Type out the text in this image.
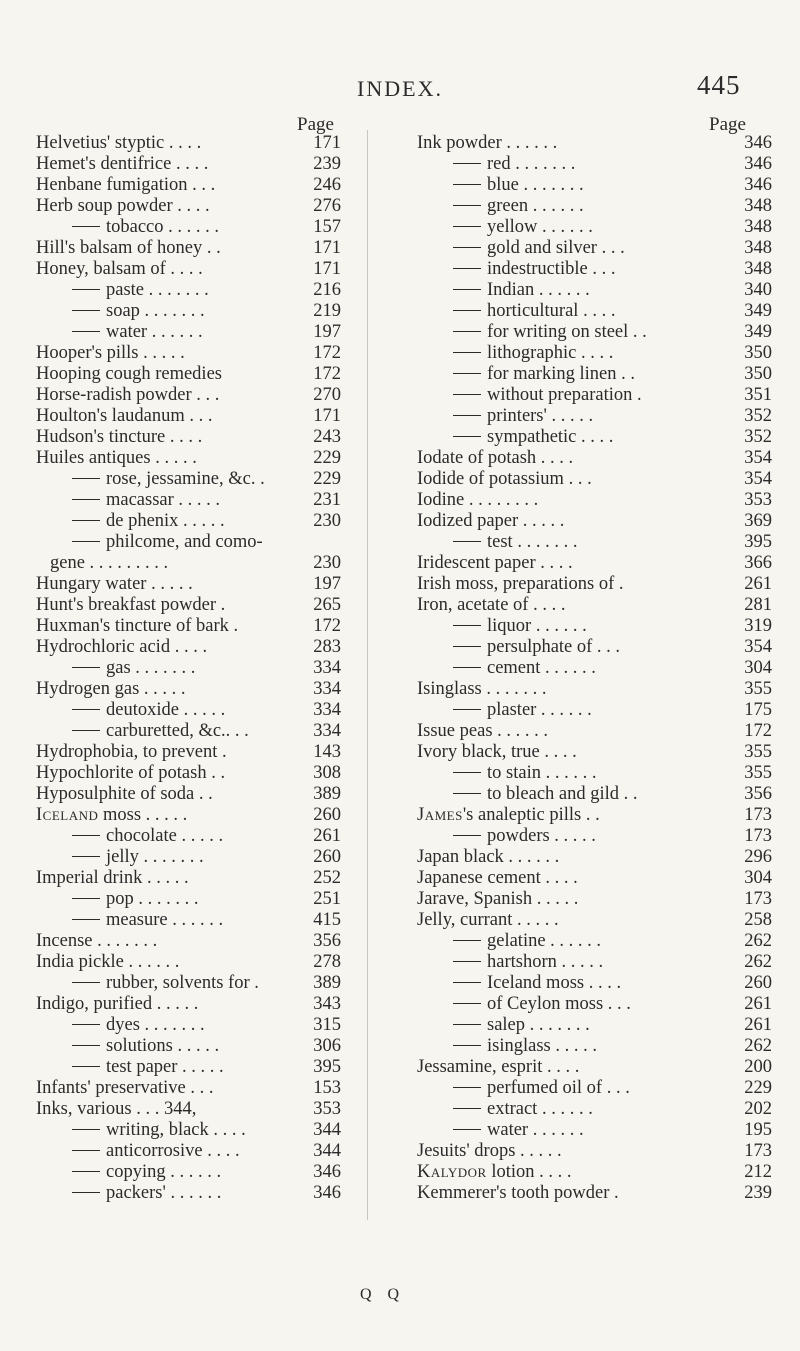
INDEX.	445
Page
Helvetius' styptic . . . .	171
Hemet's dentifrice . . . .	239
Henbane fumigation . . .	246
Herb soup powder . . . .	276
tobacco . . . . . .	157
Hill's balsam of honey . .	171
Honey, balsam of . . . .	171
paste . . . . . . .	216
soap . . . . . . .	219
water . . . . . .	197
Hooper's pills . . . . .	172
Hooping cough remedies	172
Horse-radish powder . . .	270
Houlton's laudanum . . .	171
Hudson's tincture . . . .	243
Huiles antiques . . . . .	229
rose, jessamine, &c. .	229
macassar . . . . .	231
de phenix . . . . .	230
philcome, and como-
gene . . . . . . . . .	230
Hungary water . . . . .	197
Hunt's breakfast powder .	265
Huxman's tincture of bark .	172
Hydrochloric acid . . . .	283
gas . . . . . . .	334
Hydrogen gas . . . . .	334
deutoxide . . . . .	334
carburetted, &c.. . .	334
Hydrophobia, to prevent .	143
Hypochlorite of potash . .	308
Hyposulphite of soda . .	389
Iceland moss . . . . .	260
chocolate . . . . .	261
jelly . . . . . . .	260
Imperial drink . . . . .	252
pop . . . . . . .	251
measure . . . . . .	415
Incense . . . . . . .	356
India pickle . . . . . .	278
rubber, solvents for .	389
Indigo, purified . . . . .	343
dyes . . . . . . .	315
solutions . . . . .	306
test paper . . . . .	395
Infants' preservative . . .	153
Inks, various . . . 344,	353
writing, black . . . .	344
anticorrosive . . . .	344
copying . . . . . .	346
packers' . . . . . .	346
Page
Ink powder . . . . . .	346
red . . . . . . .	346
blue . . . . . . .	346
green . . . . . .	348
yellow . . . . . .	348
gold and silver . . .	348
indestructible . . .	348
Indian . . . . . .	340
horticultural . . . .	349
for writing on steel . .	349
lithographic . . . .	350
for marking linen . .	350
without preparation .	351
printers' . . . . .	352
sympathetic . . . .	352
Iodate of potash . . . .	354
Iodide of potassium . . .	354
Iodine . . . . . . . .	353
Iodized paper . . . . .	369
test . . . . . . .	395
Iridescent paper . . . .	366
Irish moss, preparations of .	261
Iron, acetate of . . . .	281
liquor . . . . . .	319
persulphate of . . .	354
cement . . . . . .	304
Isinglass . . . . . . .	355
plaster . . . . . .	175
Issue peas . . . . . .	172
Ivory black, true . . . .	355
to stain . . . . . .	355
to bleach and gild . .	356
James's analeptic pills . .	173
powders . . . . .	173
Japan black . . . . . .	296
Japanese cement . . . .	304
Jarave, Spanish . . . . .	173
Jelly, currant . . . . .	258
gelatine . . . . . .	262
hartshorn . . . . .	262
Iceland moss . . . .	260
of Ceylon moss . . .	261
salep . . . . . . .	261
isinglass . . . . .	262
Jessamine, esprit . . . .	200
perfumed oil of . . .	229
extract . . . . . .	202
water . . . . . .	195
Jesuits' drops . . . . .	173
Kalydor lotion . . . .	212
Kemmerer's tooth powder .	239
Q Q
